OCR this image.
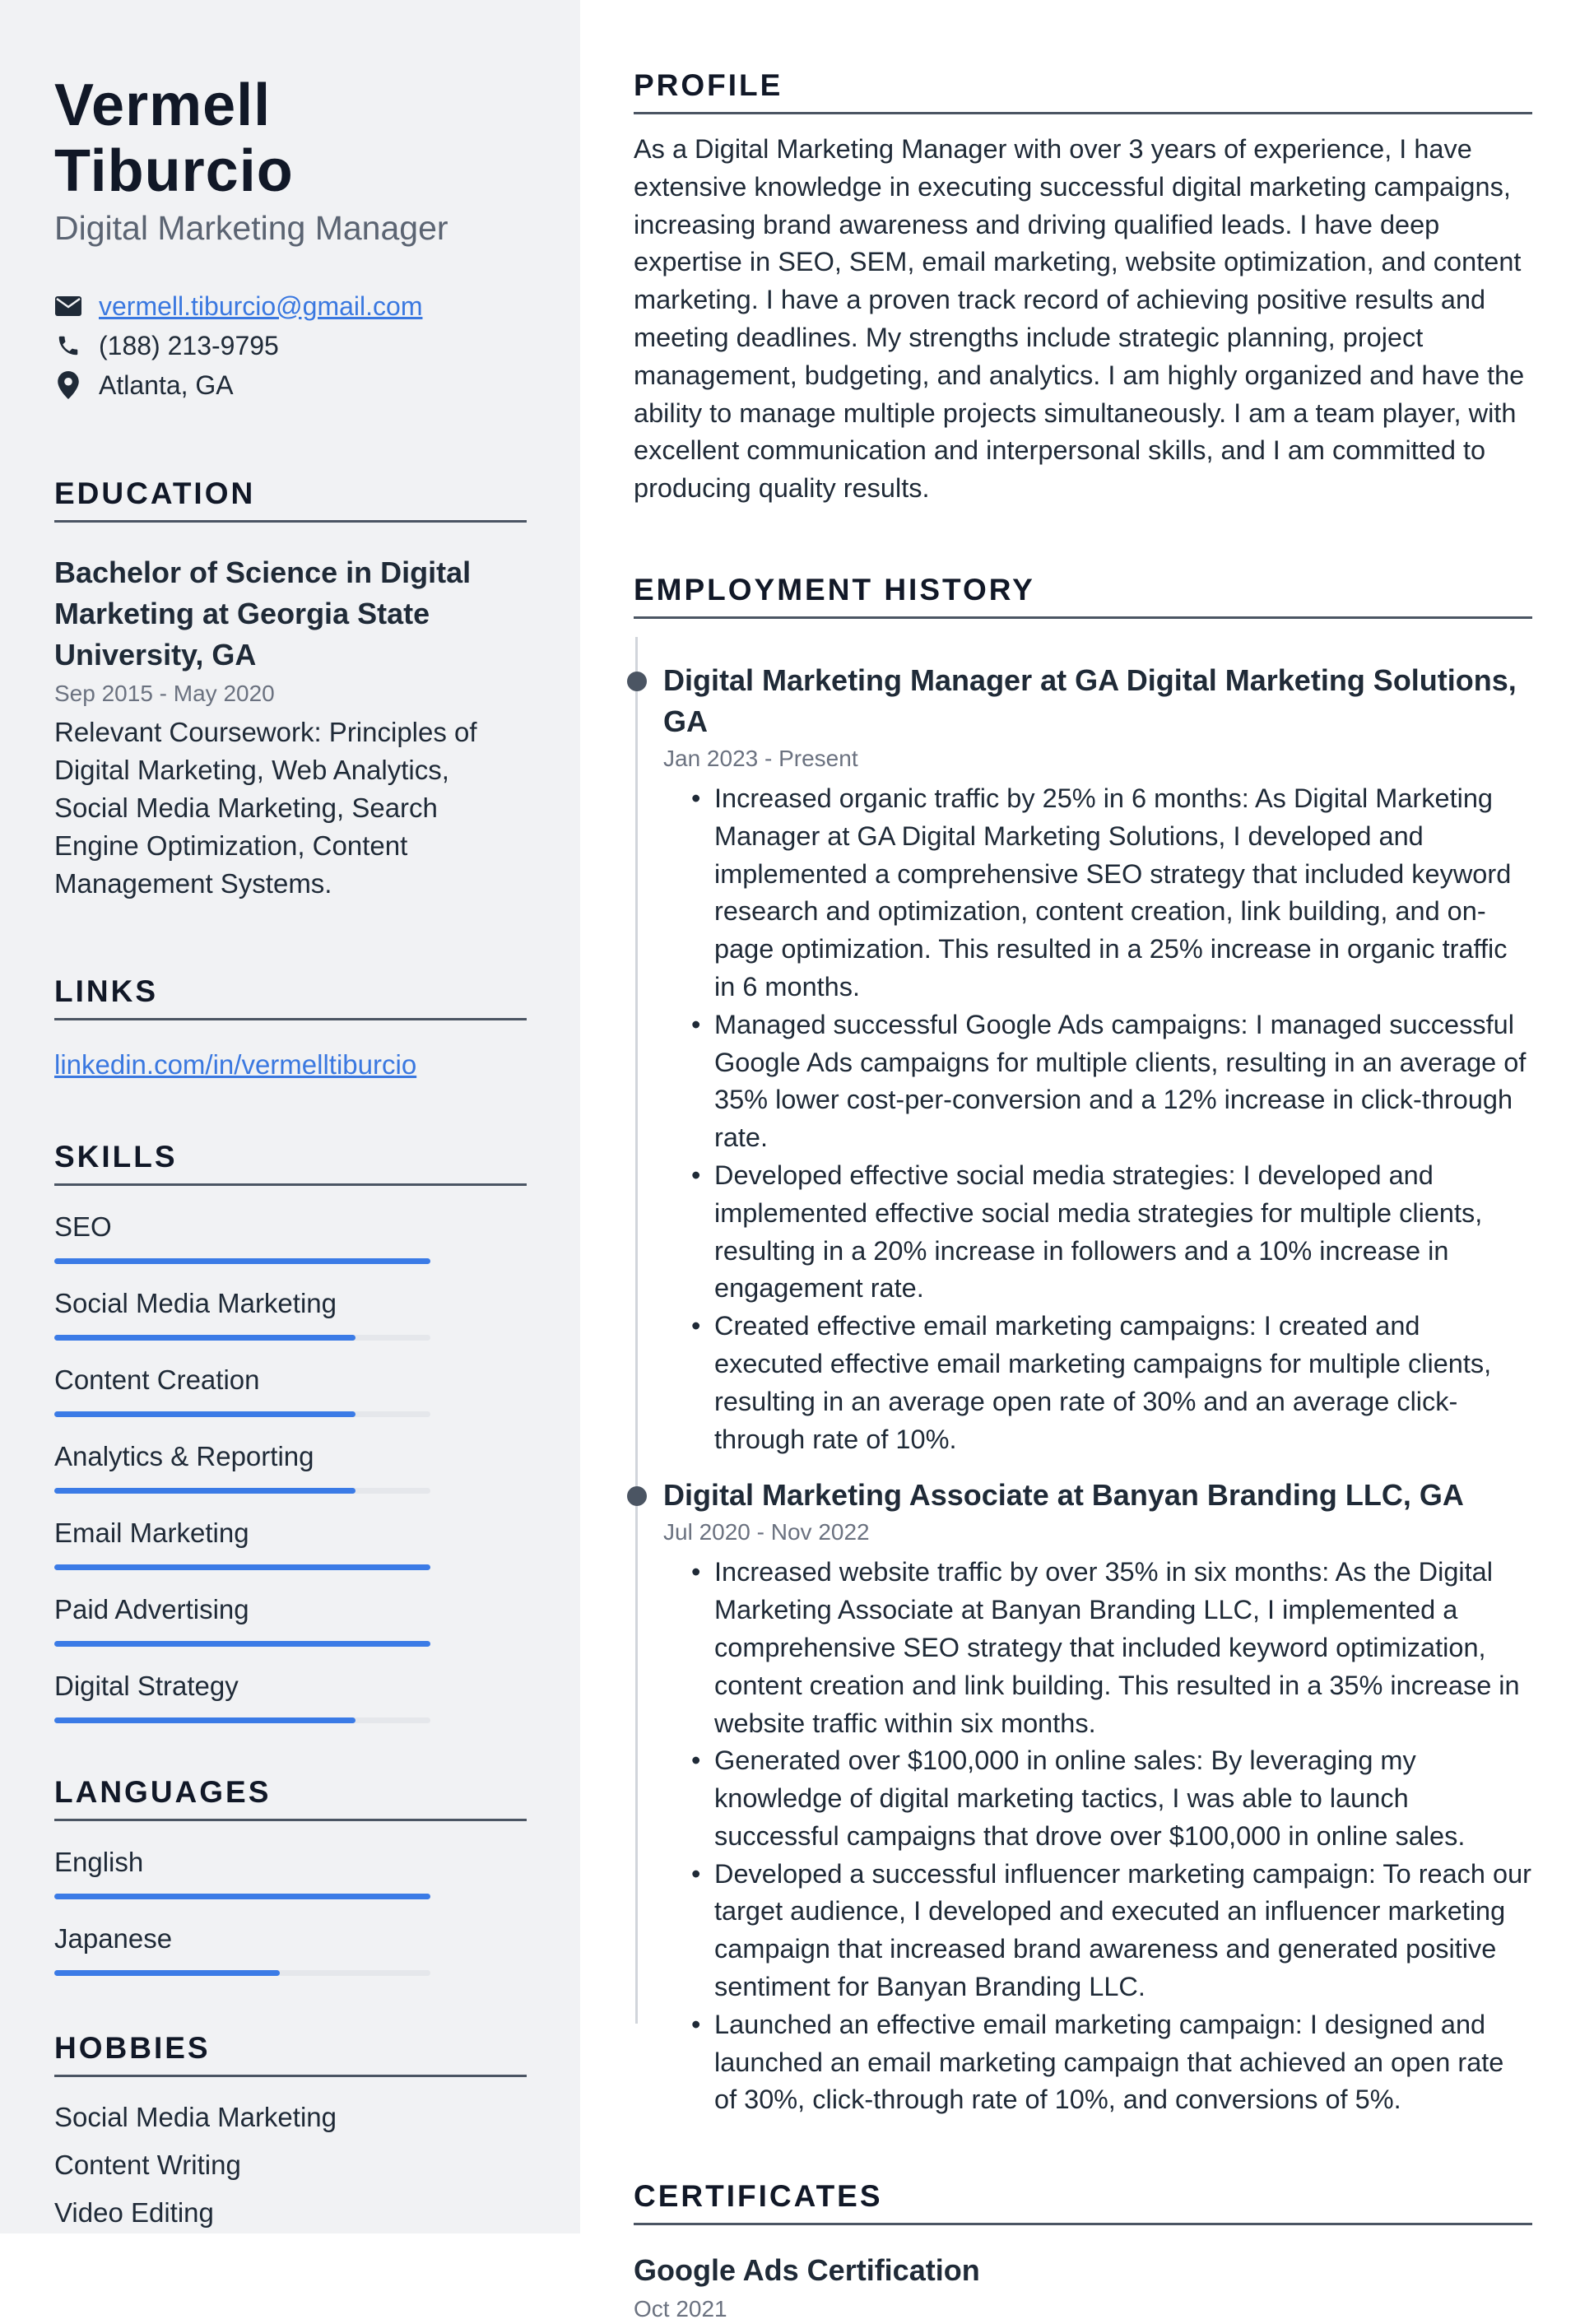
Vermell Tiburcio
Digital Marketing Manager
vermell.tiburcio@gmail.com
(188) 213-9795
Atlanta, GA
EDUCATION
Bachelor of Science in Digital Marketing at Georgia State University, GA
Sep 2015 - May 2020
Relevant Coursework: Principles of Digital Marketing, Web Analytics, Social Media Marketing, Search Engine Optimization, Content Management Systems.
LINKS
linkedin.com/in/vermelltiburcio
SKILLS
SEO
Social Media Marketing
Content Creation
Analytics & Reporting
Email Marketing
Paid Advertising
Digital Strategy
LANGUAGES
English
Japanese
HOBBIES
Social Media Marketing
Content Writing
Video Editing
PROFILE

As a Digital Marketing Manager with over 3 years of experience, I have extensive knowledge in executing successful digital marketing campaigns, increasing brand awareness and driving qualified leads. I have deep expertise in SEO, SEM, email marketing, website optimization, and content marketing. I have a proven track record of achieving positive results and meeting deadlines. My strengths include strategic planning, project management, budgeting, and analytics. I am highly organized and have the ability to manage multiple projects simultaneously. I am a team player, with excellent communication and interpersonal skills, and I am committed to producing quality results.

EMPLOYMENT HISTORY
Digital Marketing Manager at GA Digital Marketing Solutions, GA
Jan 2023 - Present
• Increased organic traffic by 25% in 6 months: As Digital Marketing Manager at GA Digital Marketing Solutions, I developed and implemented a comprehensive SEO strategy that included keyword research and optimization, content creation, link building, and on-page optimization. This resulted in a 25% increase in organic traffic in 6 months.
• Managed successful Google Ads campaigns: I managed successful Google Ads campaigns for multiple clients, resulting in an average of 35% lower cost-per-conversion and a 12% increase in click-through rate.
• Developed effective social media strategies: I developed and implemented effective social media strategies for multiple clients, resulting in a 20% increase in followers and a 10% increase in engagement rate.
• Created effective email marketing campaigns: I created and executed effective email marketing campaigns for multiple clients, resulting in an average open rate of 30% and an average click-through rate of 10%.
Digital Marketing Associate at Banyan Branding LLC, GA
Jul 2020 - Nov 2022
• Increased website traffic by over 35% in six months: As the Digital Marketing Associate at Banyan Branding LLC, I implemented a comprehensive SEO strategy that included keyword optimization, content creation and link building. This resulted in a 35% increase in website traffic within six months.
• Generated over $100,000 in online sales: By leveraging my knowledge of digital marketing tactics, I was able to launch successful campaigns that drove over $100,000 in online sales.
• Developed a successful influencer marketing campaign: To reach our target audience, I developed and executed an influencer marketing campaign that increased brand awareness and generated positive sentiment for Banyan Branding LLC.
• Launched an effective email marketing campaign: I designed and launched an email marketing campaign that achieved an open rate of 30%, click-through rate of 10%, and conversions of 5%.
CERTIFICATES
Google Ads Certification
Oct 2021
